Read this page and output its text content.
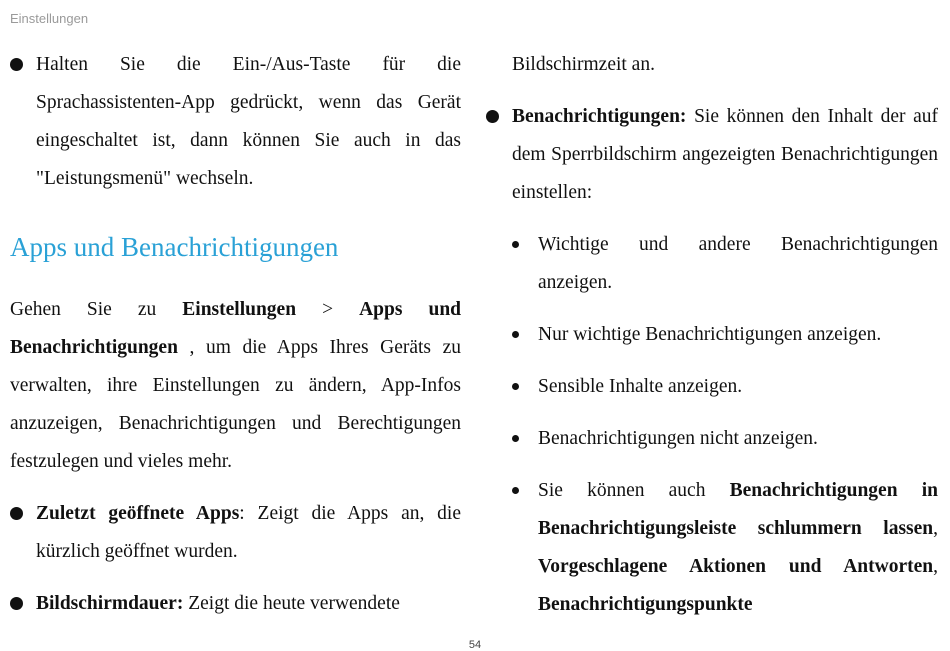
Einstellungen

Halten Sie die Ein-/Aus-Taste für die Sprachassistenten-App gedrückt, wenn das Gerät eingeschaltet ist, dann können Sie auch in das "Leistungsmenü" wechseln.

Apps und Benachrichtigungen

Gehen Sie zu Einstellungen > Apps und Benachrichtigungen , um die Apps Ihres Geräts zu verwalten, ihre Einstellungen zu ändern, App-Infos anzuzeigen, Benachrichtigungen und Berechtigungen festzulegen und vieles mehr.

Zuletzt geöffnete Apps: Zeigt die Apps an, die kürzlich geöffnet wurden.

Bildschirmdauer: Zeigt die heute verwendete

Bildschirmzeit an.

Benachrichtigungen: Sie können den Inhalt der auf dem Sperrbildschirm angezeigten Benachrichtigungen einstellen:

Wichtige und andere Benachrichtigungen anzeigen.

Nur wichtige Benachrichtigungen anzeigen.

Sensible Inhalte anzeigen.

Benachrichtigungen nicht anzeigen.

Sie können auch Benachrichtigungen in Benachrichtigungsleiste schlummern lassen, Vorgeschlagene Aktionen und Antworten, Benachrichtigungspunkte

54
